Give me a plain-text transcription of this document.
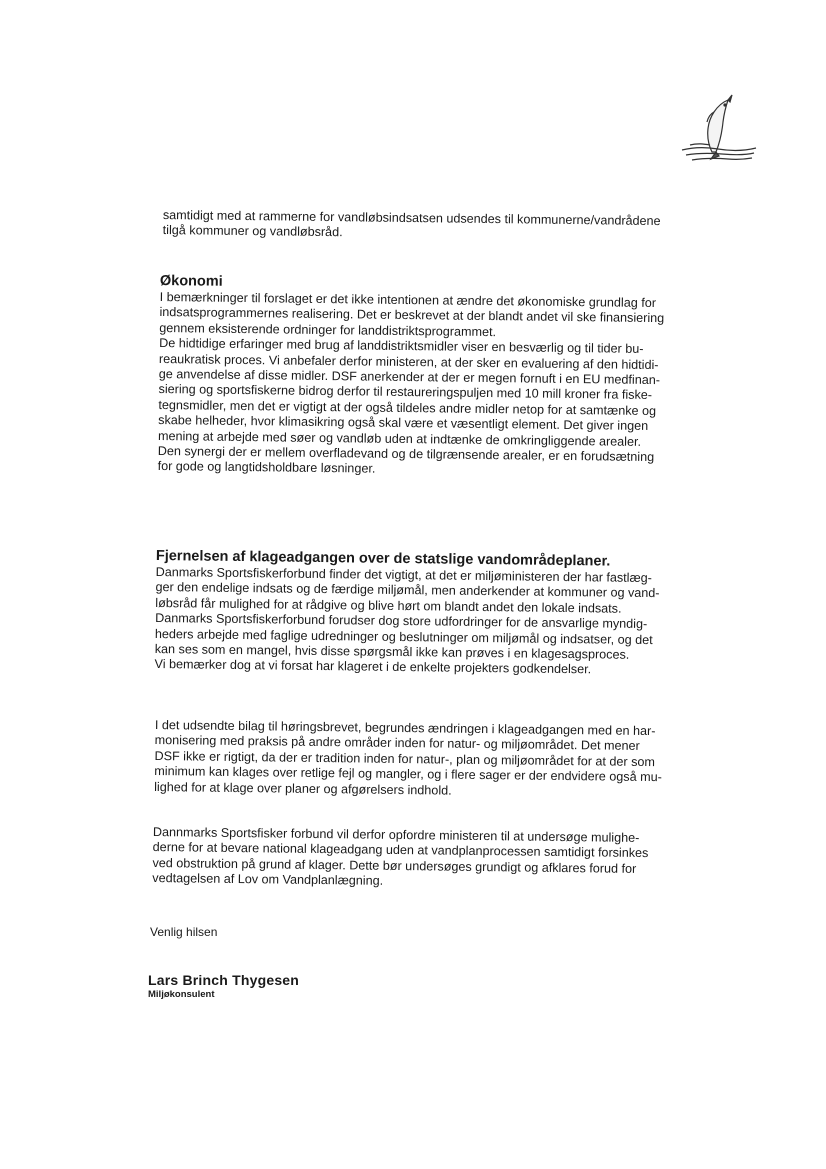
samtidigt med at rammerne for vandløbsindsatsen udsendes til kommunerne/vandrådene

tilgå kommuner og vandløbsråd.

Økonomi

I bemærkninger til forslaget er det ikke intentionen at ændre det økonomiske grundlag for

indsatsprogrammernes realisering. Det er beskrevet at der blandt andet vil ske finansiering

gennem eksisterende ordninger for landdistriktsprogrammet.

De hidtidige erfaringer med brug af landdistriktsmidler viser en besværlig og til tider bu-

reaukratisk proces. Vi anbefaler derfor ministeren, at der sker en evaluering af den hidtidi-

ge anvendelse af disse midler. DSF anerkender at der er megen fornuft i en EU medfinan-

siering og sportsfiskerne bidrog derfor til restaureringspuljen med 10 mill kroner fra fiske-

tegnsmidler, men det er vigtigt at der også tildeles andre midler netop for at samtænke og

skabe helheder, hvor klimasikring også skal være et væsentligt element. Det giver ingen

mening at arbejde med søer og vandløb uden at indtænke de omkringliggende arealer.

Den synergi der er mellem overfladevand og de tilgrænsende arealer, er en forudsætning

for gode og langtidsholdbare løsninger.

Fjernelsen af klageadgangen over de statslige vandområdeplaner.

Danmarks Sportsfiskerforbund finder det vigtigt, at det er miljøministeren der har fastlæg-

ger den endelige indsats og de færdige miljømål, men anderkender at kommuner og vand-

løbsråd får mulighed for at rådgive og blive hørt om blandt andet den lokale indsats.

Danmarks Sportsfiskerforbund forudser dog store udfordringer for de ansvarlige myndig-

heders arbejde med faglige udredninger og beslutninger om miljømål og indsatser, og det

kan ses som en mangel, hvis disse spørgsmål ikke kan prøves i en klagesagsproces.

Vi bemærker dog at vi forsat har klageret i de enkelte projekters godkendelser.

I det udsendte bilag til høringsbrevet, begrundes ændringen i klageadgangen med en har-

monisering med praksis på andre områder inden for natur- og miljøområdet. Det mener

DSF ikke er rigtigt, da der er tradition inden for natur-, plan og miljøområdet for at der som

minimum kan klages over retlige fejl og mangler, og i flere sager er der endvidere også mu-

lighed for at klage over planer og afgørelsers indhold.

Dannmarks Sportsfisker forbund vil derfor opfordre ministeren til at undersøge mulighe-

derne for at bevare national klageadgang uden at vandplanprocessen samtidigt forsinkes

ved obstruktion på grund af klager. Dette bør undersøges grundigt og afklares forud for

vedtagelsen af Lov om Vandplanlægning.

Venlig hilsen
Lars Brinch Thygesen
Miljøkonsulent
